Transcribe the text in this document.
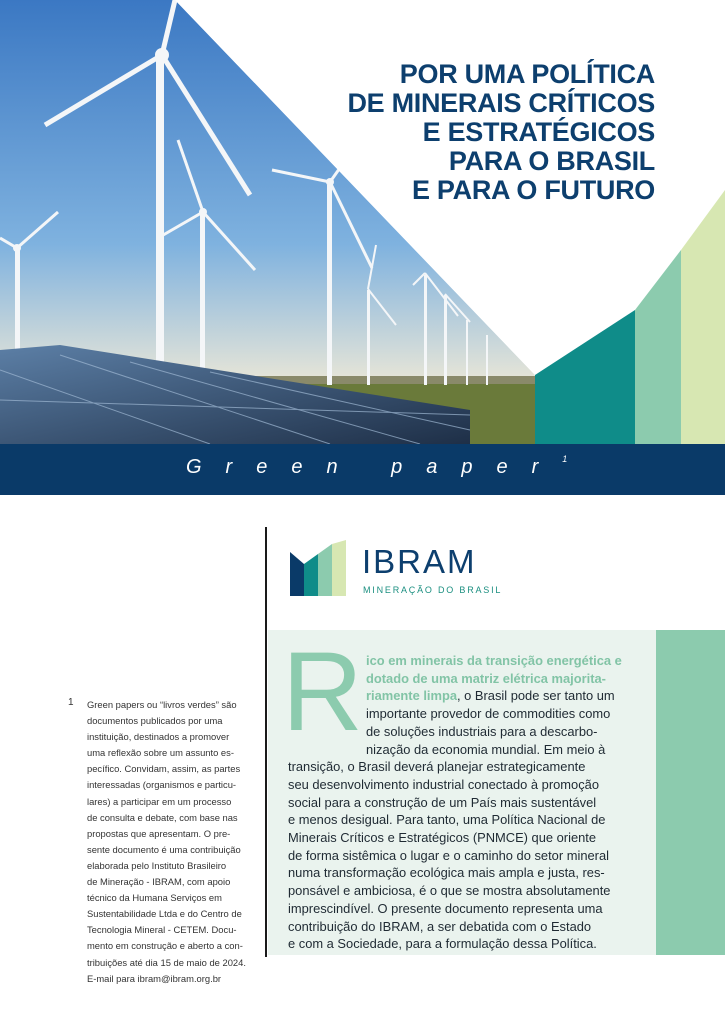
POR UMA POLÍTICA
DE MINERAIS CRÍTICOS
E ESTRATÉGICOS
PARA O BRASIL
E PARA O FUTURO
Green paper$^1$
IBRAM
MINERAÇÃO DO BRASIL
R ico em minerais da transição energética e
dotado de uma matriz elétrica majorita-
riamente limpa, o Brasil pode ser tanto um
importante provedor de commodities como
de soluções industriais para a descarbo-
nização da economia mundial. Em meio à
transição, o Brasil deverá planejar estrategicamente
seu desenvolvimento industrial conectado à promoção
social para a construção de um País mais sustentável
e menos desigual. Para tanto, uma Política Nacional de
Minerais Críticos e Estratégicos (PNMCE) que oriente
de forma sistêmica o lugar e o caminho do setor mineral
numa transformação ecológica mais ampla e justa, res-
ponsável e ambiciosa, é o que se mostra absolutamente
imprescindível. O presente documento representa uma
contribuição do IBRAM, a ser debatida com o Estado
e com a Sociedade, para a formulação dessa Política.
1 Green papers ou “livros verdes” são
documentos publicados por uma
instituição, destinados a promover
uma reflexão sobre um assunto es-
pecífico. Convidam, assim, as partes
interessadas (organismos e particu-
lares) a participar em um processo
de consulta e debate, com base nas
propostas que apresentam. O pre-
sente documento é uma contribuição
elaborada pelo Instituto Brasileiro
de Mineração - IBRAM, com apoio
técnico da Humana Serviços em
Sustentabilidade Ltda e do Centro de
Tecnologia Mineral - CETEM. Docu-
mento em construção e aberto a con-
tribuições até dia 15 de maio de 2024.
E-mail para ibram@ibram.org.br
